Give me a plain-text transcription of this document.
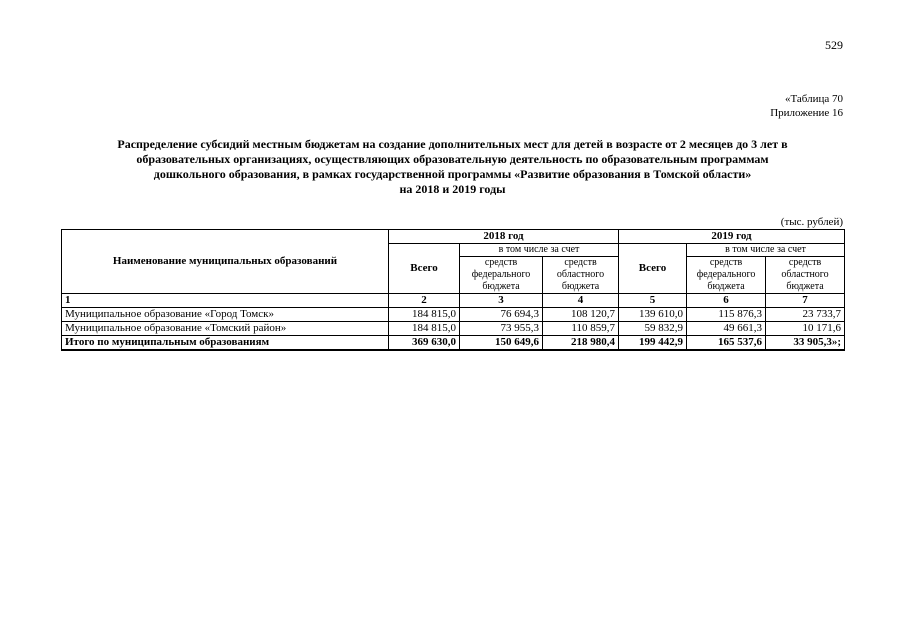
529
«Таблица 70
Приложение 16
Распределение субсидий местным бюджетам на создание дополнительных мест для детей в возрасте от 2 месяцев до 3 лет в
образовательных организациях, осуществляющих образовательную деятельность по образовательным программам
дошкольного образования, в рамках государственной программы «Развитие образования в Томской области»
на 2018 и 2019 годы
(тыс. рублей)
Наименование муниципальных образований	2018 год			2019 год		
	Всего	в том числе за счет		Всего	в том числе за счет	
		средств федерального бюджета	средств областного бюджета		средств федерального бюджета	средств областного бюджета
1	2	3	4	5	6	7
Муниципальное образование «Город Томск»	184 815,0	76 694,3	108 120,7	139 610,0	115 876,3	23 733,7
Муниципальное образование «Томский район»	184 815,0	73 955,3	110 859,7	59 832,9	49 661,3	10 171,6
Итого по муниципальным образованиям	369 630,0	150 649,6	218 980,4	199 442,9	165 537,6	33 905,3»;
